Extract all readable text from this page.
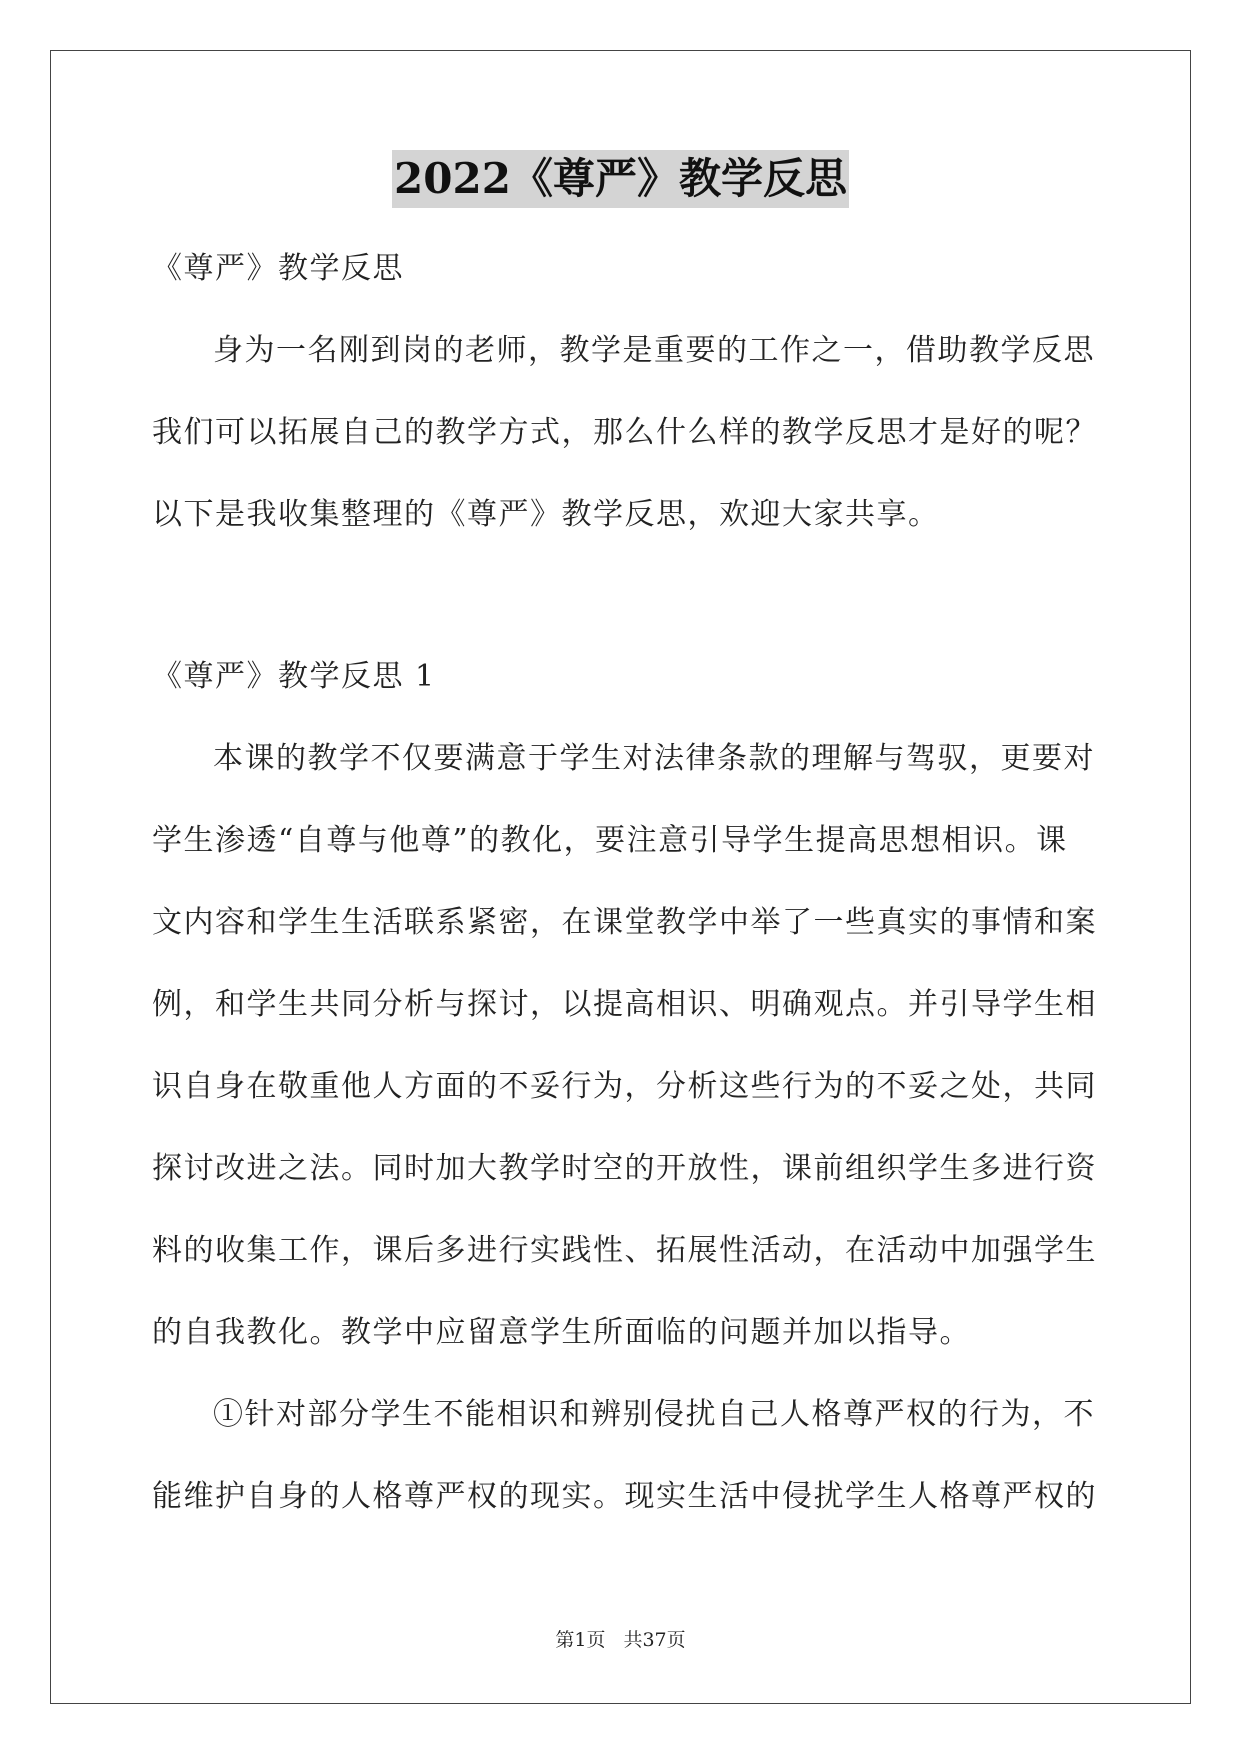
2022《尊严》教学反思
《尊严》教学反思
身为一名刚到岗的老师，教学是重要的工作之一，借助教学反思
我们可以拓展自己的教学方式，那么什么样的教学反思才是好的呢？
以下是我收集整理的《尊严》教学反思，欢迎大家共享。
《尊严》教学反思 1
本课的教学不仅要满意于学生对法律条款的理解与驾驭，更要对
学生渗透“自尊与他尊”的教化，要注意引导学生提高思想相识。课
文内容和学生生活联系紧密，在课堂教学中举了一些真实的事情和案
例，和学生共同分析与探讨，以提高相识、明确观点。并引导学生相
识自身在敬重他人方面的不妥行为，分析这些行为的不妥之处，共同
探讨改进之法。同时加大教学时空的开放性，课前组织学生多进行资
料的收集工作，课后多进行实践性、拓展性活动，在活动中加强学生
的自我教化。教学中应留意学生所面临的问题并加以指导。
①针对部分学生不能相识和辨别侵扰自己人格尊严权的行为，不
能维护自身的人格尊严权的现实。现实生活中侵扰学生人格尊严权的
第1页 共37页
